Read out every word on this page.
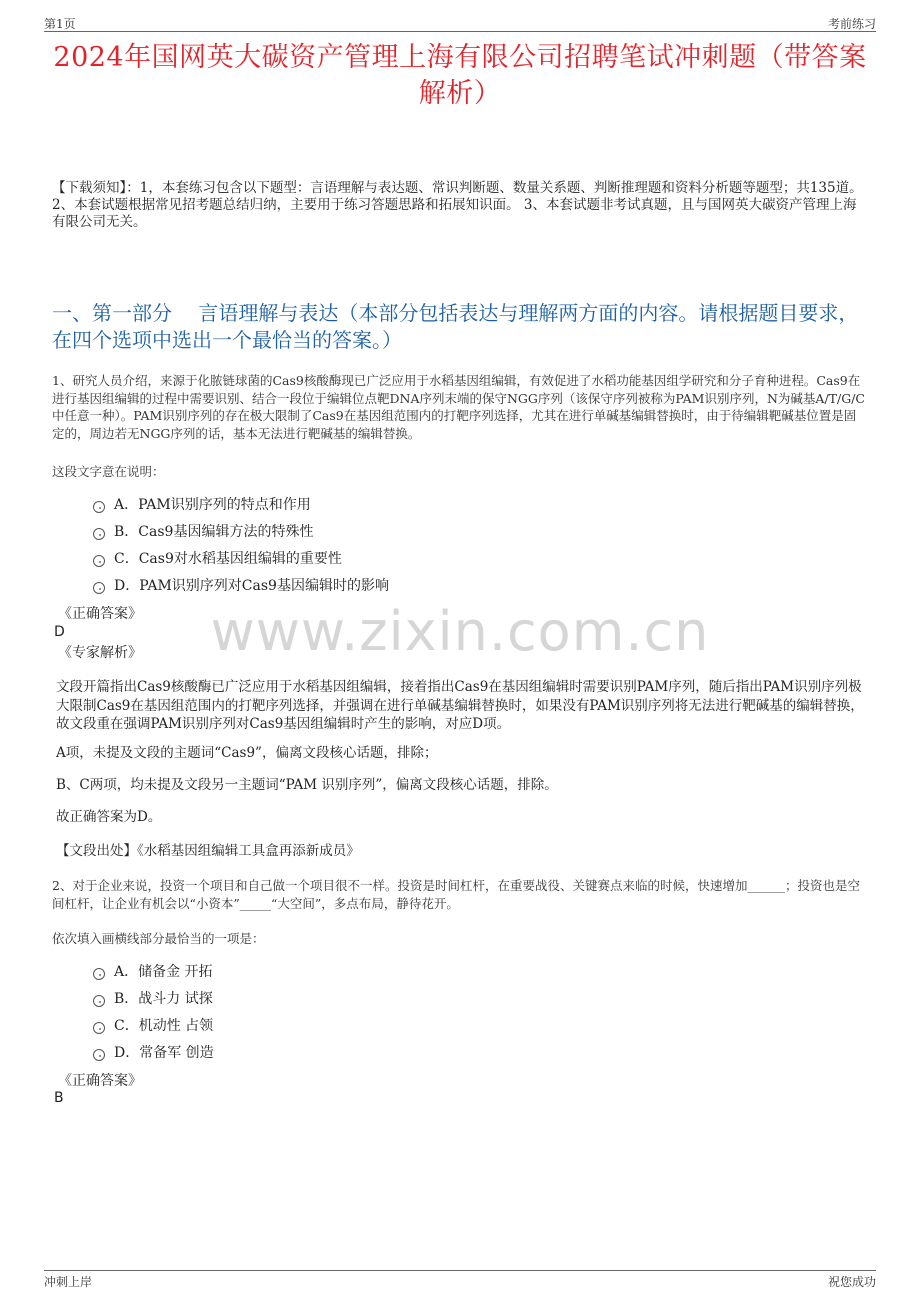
第1页	考前练习
2024年国网英大碳资产管理上海有限公司招聘笔试冲刺题（带答案解析）
【下载须知】：1，本套练习包含以下题型：言语理解与表达题、常识判断题、数量关系题、判断推理题和资料分析题等题型；共135道。 2、本套试题根据常见招考题总结归纳，主要用于练习答题思路和拓展知识面。 3、本套试题非考试真题，且与国网英大碳资产管理上海有限公司无关。
一、第一部分　 言语理解与表达（本部分包括表达与理解两方面的内容。请根据题目要求，在四个选项中选出一个最恰当的答案。）
1、研究人员介绍，来源于化脓链球菌的Cas9核酸酶现已广泛应用于水稻基因组编辑，有效促进了水稻功能基因组学研究和分子育种进程。Cas9在进行基因组编辑的过程中需要识别、结合一段位于编辑位点靶DNA序列末端的保守NGG序列（该保守序列被称为PAM识别序列，N为碱基A/T/G/C中任意一种）。PAM识别序列的存在极大限制了Cas9在基因组范围内的打靶序列选择，尤其在进行单碱基编辑替换时，由于待编辑靶碱基位置是固定的，周边若无NGG序列的话，基本无法进行靶碱基的编辑替换。
这段文字意在说明：
A．PAM识别序列的特点和作用
B．Cas9基因编辑方法的特殊性
C．Cas9对水稻基因组编辑的重要性
D．PAM识别序列对Cas9基因编辑时的影响
www.zixin.com.cn
《正确答案》
D
《专家解析》
文段开篇指出Cas9核酸酶已广泛应用于水稻基因组编辑，接着指出Cas9在基因组编辑时需要识别PAM序列，随后指出PAM识别序列极大限制Cas9在基因组范围内的打靶序列选择，并强调在进行单碱基编辑替换时，如果没有PAM识别序列将无法进行靶碱基的编辑替换，故文段重在强调PAM识别序列对Cas9基因组编辑时产生的影响，对应D项。
A项，未提及文段的主题词“Cas9”，偏离文段核心话题，排除；
B、C两项，均未提及文段另一主题词“PAM 识别序列”，偏离文段核心话题，排除。
故正确答案为D。
【文段出处】《水稻基因组编辑工具盒再添新成员》
2、对于企业来说，投资一个项目和自己做一个项目很不一样。投资是时间杠杆，在重要战役、关键赛点来临的时候，快速增加______；投资也是空间杠杆，让企业有机会以“小资本”_____“大空间”，多点布局，静待花开。
依次填入画横线部分最恰当的一项是：
A．储备金 开拓
B．战斗力 试探
C．机动性 占领
D．常备军 创造
《正确答案》
B
冲刺上岸	祝您成功
